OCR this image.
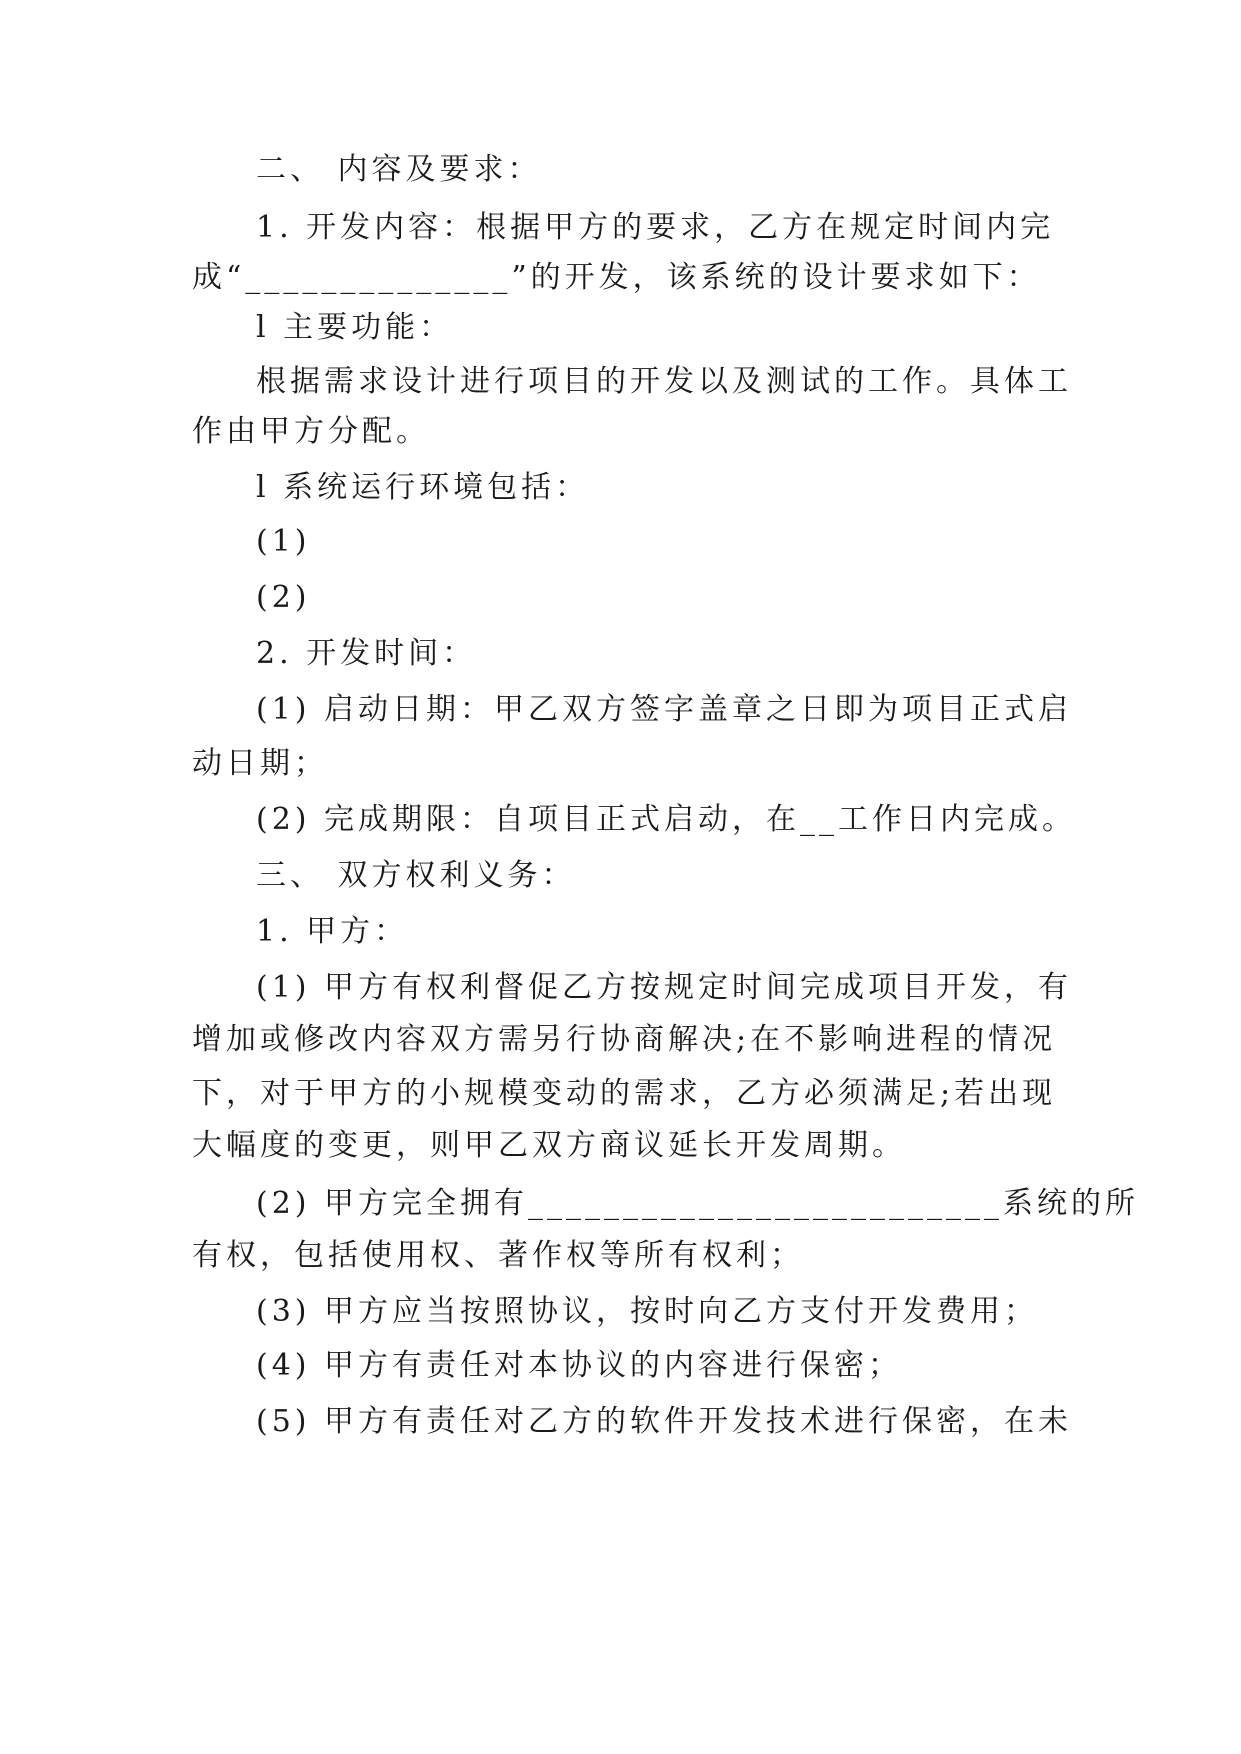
二、 内容及要求：
1. 开发内容：根据甲方的要求，乙方在规定时间内完
成“______________”的开发，该系统的设计要求如下：
l 主要功能：
根据需求设计进行项目的开发以及测试的工作。具体工
作由甲方分配。
l 系统运行环境包括：
(1)
(2)
2. 开发时间：
(1) 启动日期：甲乙双方签字盖章之日即为项目正式启
动日期；
(2) 完成期限：自项目正式启动，在__工作日内完成。
三、 双方权利义务：
1. 甲方：
(1) 甲方有权利督促乙方按规定时间完成项目开发，有
增加或修改内容双方需另行协商解决;在不影响进程的情况
下，对于甲方的小规模变动的需求，乙方必须满足;若出现
大幅度的变更，则甲乙双方商议延长开发周期。
(2) 甲方完全拥有_________________________系统的所
有权，包括使用权、著作权等所有权利；
(3) 甲方应当按照协议，按时向乙方支付开发费用；
(4) 甲方有责任对本协议的内容进行保密；
(5) 甲方有责任对乙方的软件开发技术进行保密，在未
